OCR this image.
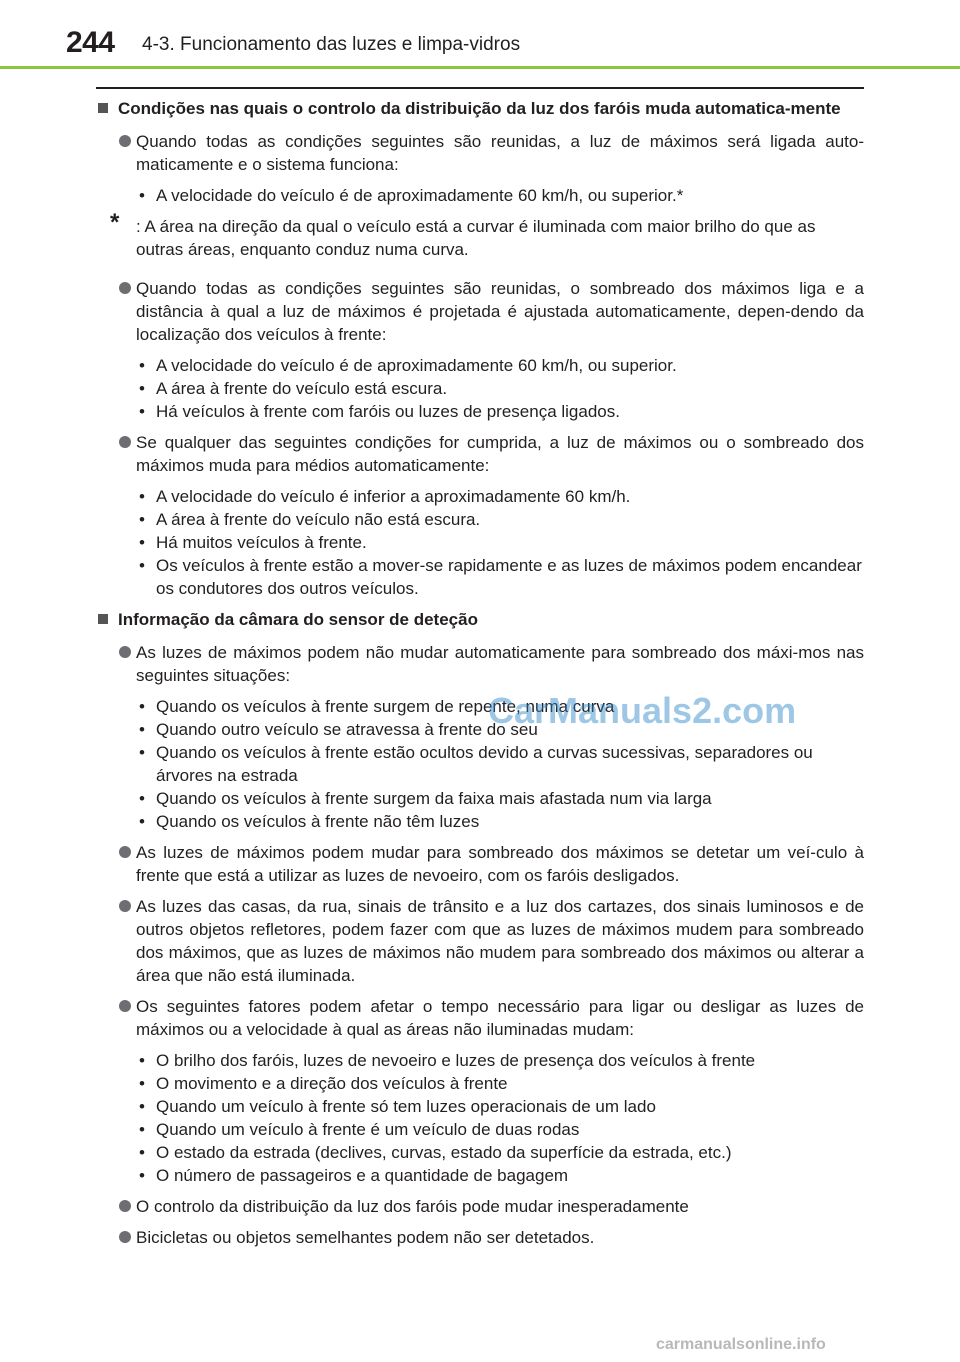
244 4-3. Funcionamento das luzes e limpa-vidros
Condições nas quais o controlo da distribuição da luz dos faróis muda automatica-mente
Quando todas as condições seguintes são reunidas, a luz de máximos será ligada auto-maticamente e o sistema funciona:
• A velocidade do veículo é de aproximadamente 60 km/h, ou superior.*
* : A área na direção da qual o veículo está a curvar é iluminada com maior brilho do que as outras áreas, enquanto conduz numa curva.
Quando todas as condições seguintes são reunidas, o sombreado dos máximos liga e a distância à qual a luz de máximos é projetada é ajustada automaticamente, depen-dendo da localização dos veículos à frente:
• A velocidade do veículo é de aproximadamente 60 km/h, ou superior.
• A área à frente do veículo está escura.
• Há veículos à frente com faróis ou luzes de presença ligados.
Se qualquer das seguintes condições for cumprida, a luz de máximos ou o sombreado dos máximos muda para médios automaticamente:
• A velocidade do veículo é inferior a aproximadamente 60 km/h.
• A área à frente do veículo não está escura.
• Há muitos veículos à frente.
• Os veículos à frente estão a mover-se rapidamente e as luzes de máximos podem encandear os condutores dos outros veículos.
Informação da câmara do sensor de deteção
As luzes de máximos podem não mudar automaticamente para sombreado dos máxi-mos nas seguintes situações:
• Quando os veículos à frente surgem de repente, numa curva
• Quando outro veículo se atravessa à frente do seu
• Quando os veículos à frente estão ocultos devido a curvas sucessivas, separadores ou árvores na estrada
• Quando os veículos à frente surgem da faixa mais afastada num via larga
• Quando os veículos à frente não têm luzes
As luzes de máximos podem mudar para sombreado dos máximos se detetar um veí-culo à frente que está a utilizar as luzes de nevoeiro, com os faróis desligados.
As luzes das casas, da rua, sinais de trânsito e a luz dos cartazes, dos sinais luminosos e de outros objetos refletores, podem fazer com que as luzes de máximos mudem para sombreado dos máximos, que as luzes de máximos não mudem para sombreado dos máximos ou alterar a área que não está iluminada.
Os seguintes fatores podem afetar o tempo necessário para ligar ou desligar as luzes de máximos ou a velocidade à qual as áreas não iluminadas mudam:
• O brilho dos faróis, luzes de nevoeiro e luzes de presença dos veículos à frente
• O movimento e a direção dos veículos à frente
• Quando um veículo à frente só tem luzes operacionais de um lado
• Quando um veículo à frente é um veículo de duas rodas
• O estado da estrada (declives, curvas, estado da superfície da estrada, etc.)
• O número de passageiros e a quantidade de bagagem
O controlo da distribuição da luz dos faróis pode mudar inesperadamente
Bicicletas ou objetos semelhantes podem não ser detetados.
CarManuals2.com
carmanualsonline.info
